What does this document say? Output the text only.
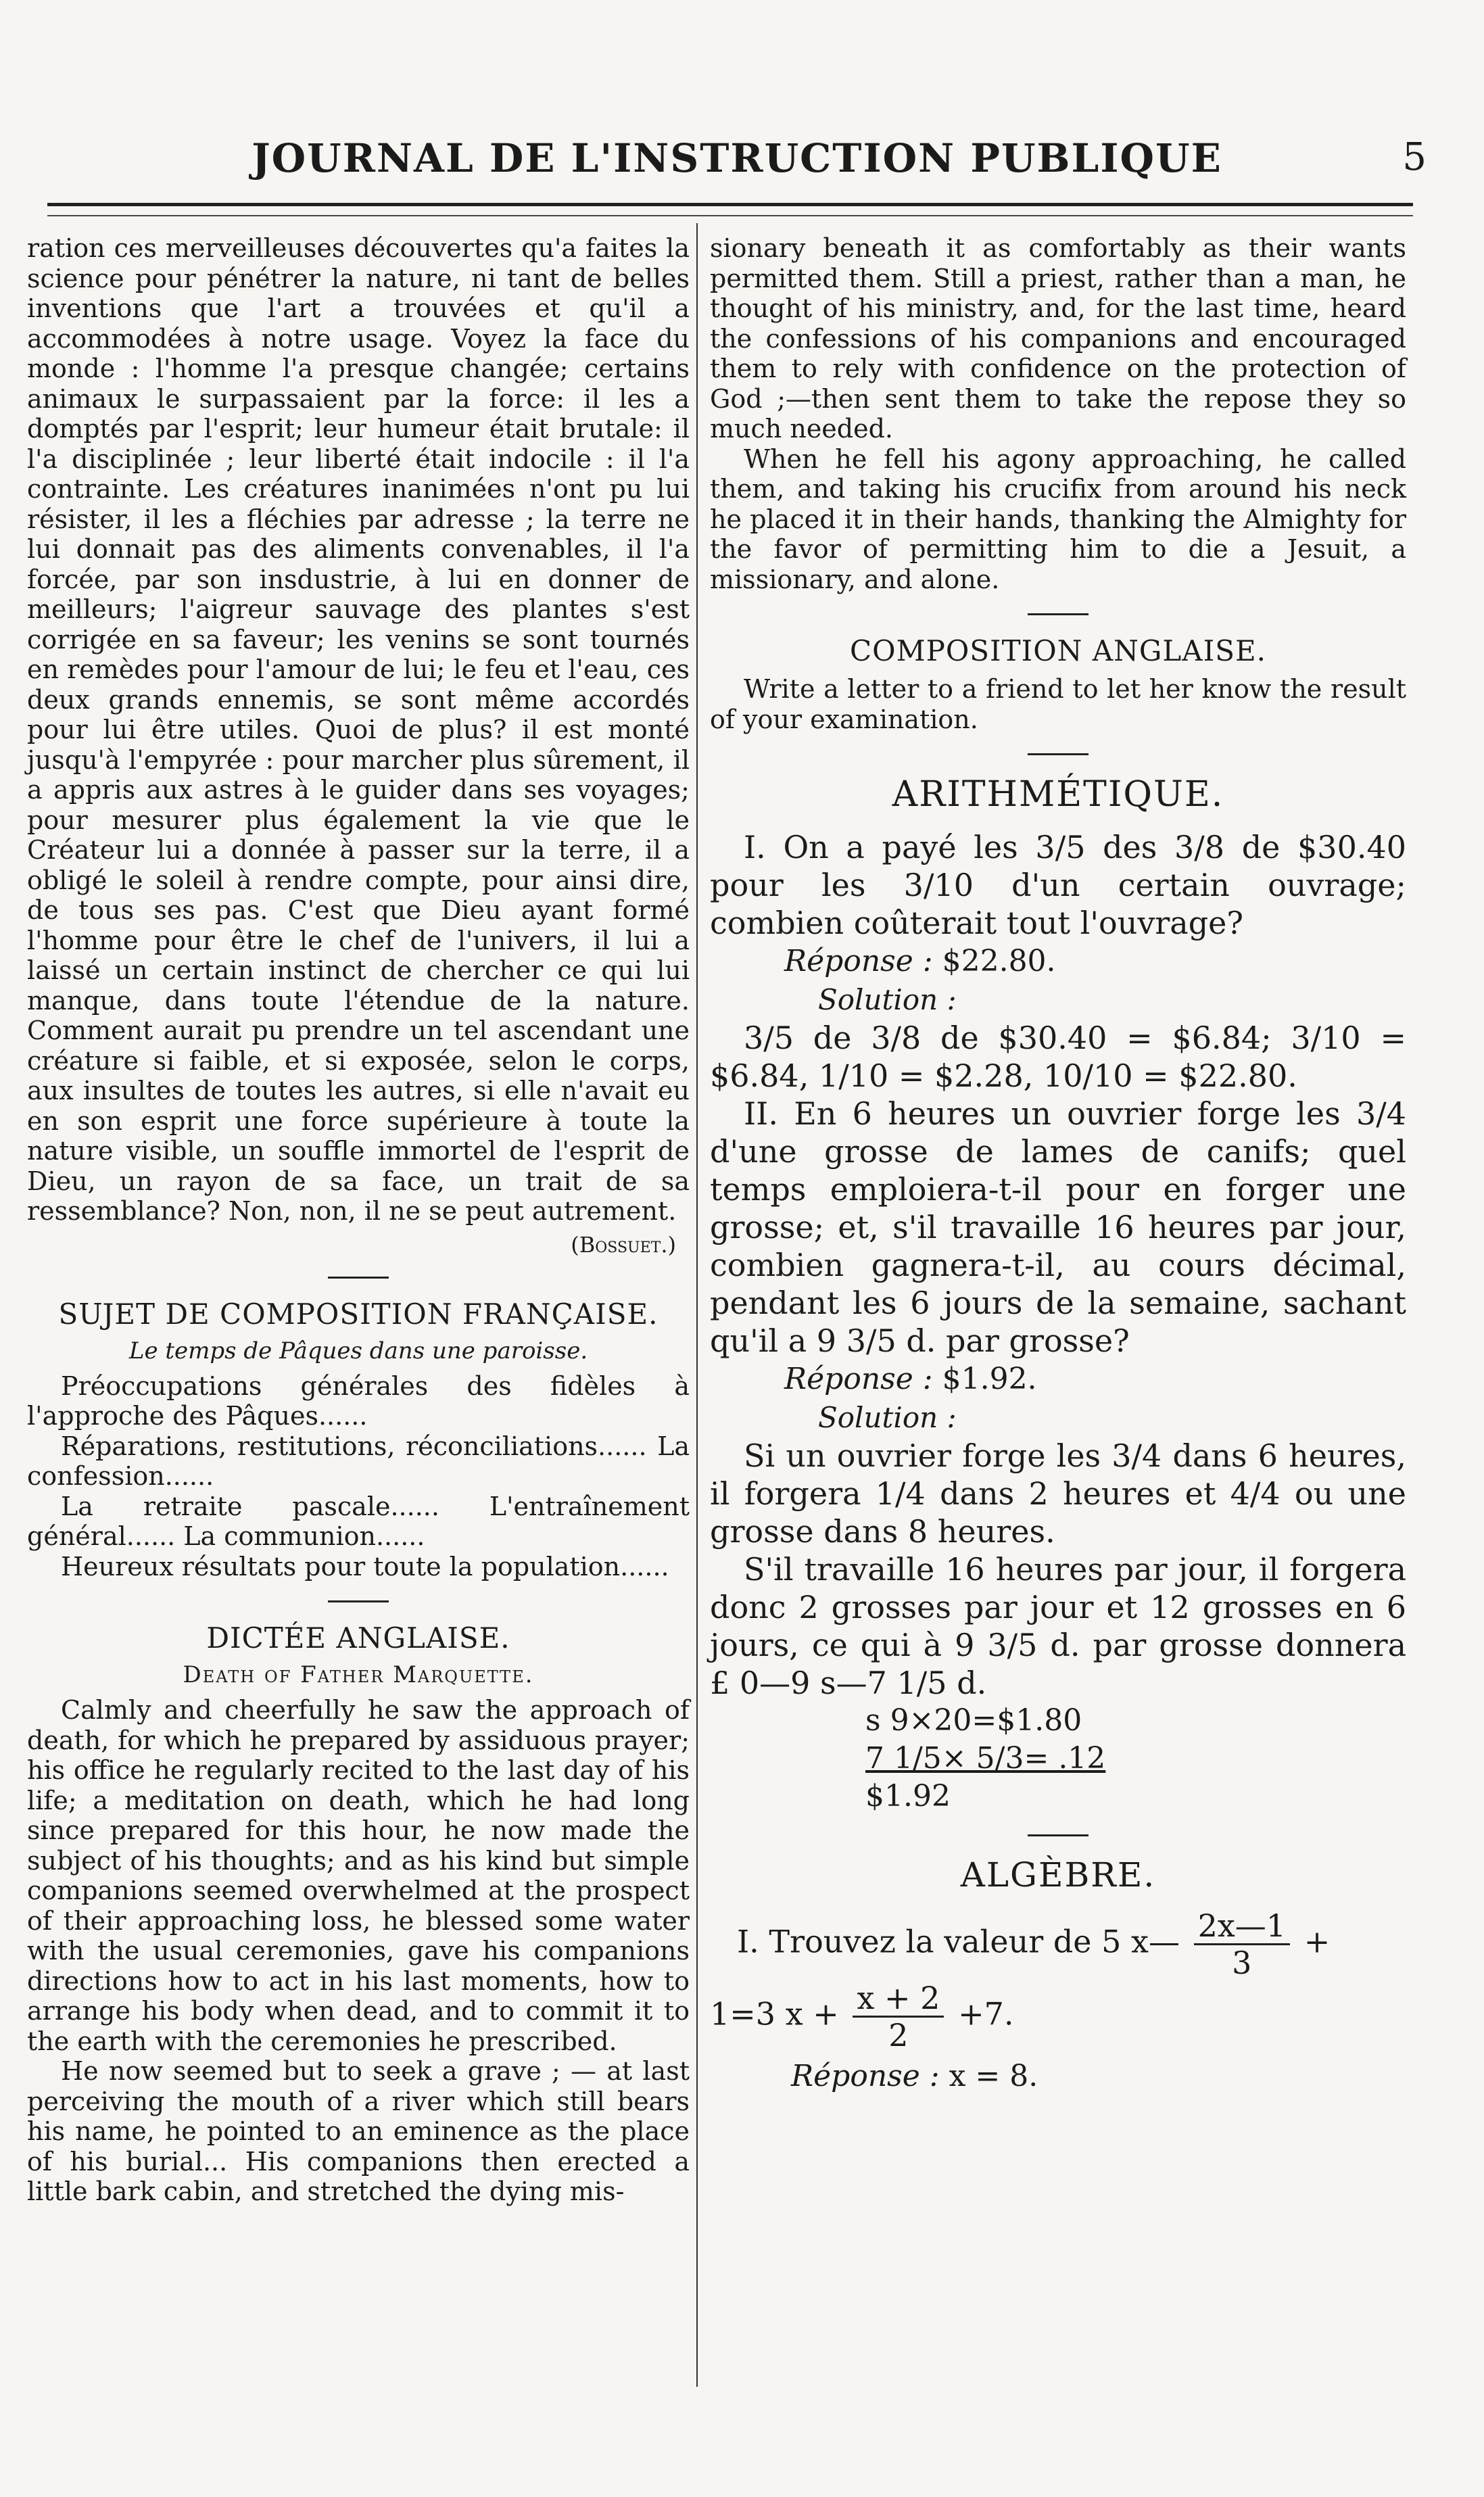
JOURNAL DE L'INSTRUCTION PUBLIQUE	5

ration ces merveilleuses découvertes qu'a faites la science pour pénétrer la nature, ni tant de belles inventions que l'art a trouvées et qu'il a accommodées à notre usage. Voyez la face du monde : l'homme l'a presque changée; certains animaux le surpassaient par la force: il les a domptés par l'esprit; leur humeur était brutale: il l'a disciplinée ; leur liberté était indocile : il l'a contrainte. Les créatures inanimées n'ont pu lui résister, il les a fléchies par adresse ; la terre ne lui donnait pas des aliments convenables, il l'a forcée, par son insdustrie, à lui en donner de meilleurs; l'aigreur sauvage des plantes s'est corrigée en sa faveur; les venins se sont tournés en remèdes pour l'amour de lui; le feu et l'eau, ces deux grands ennemis, se sont même accordés pour lui être utiles. Quoi de plus? il est monté jusqu'à l'empyrée : pour marcher plus sûrement, il a appris aux astres à le guider dans ses voyages; pour mesurer plus également la vie que le Créateur lui a donnée à passer sur la terre, il a obligé le soleil à rendre compte, pour ainsi dire, de tous ses pas. C'est que Dieu ayant formé l'homme pour être le chef de l'univers, il lui a laissé un certain instinct de chercher ce qui lui manque, dans toute l'étendue de la nature. Comment aurait pu prendre un tel ascendant une créature si faible, et si exposée, selon le corps, aux insultes de toutes les autres, si elle n'avait eu en son esprit une force supérieure à toute la nature visible, un souffle immortel de l'esprit de Dieu, un rayon de sa face, un trait de sa ressemblance? Non, non, il ne se peut autrement.

(Bossuet.)
SUJET DE COMPOSITION FRANÇAISE.
Le temps de Pâques dans une paroisse.

Préoccupations générales des fidèles à l'approche des Pâques......

Réparations, restitutions, réconciliations...... La confession......

La retraite pascale...... L'entraînement général...... La communion......

Heureux résultats pour toute la population......

DICTÉE ANGLAISE.
Death of Father Marquette.

Calmly and cheerfully he saw the approach of death, for which he prepared by assiduous prayer; his office he regularly recited to the last day of his life; a meditation on death, which he had long since prepared for this hour, he now made the subject of his thoughts; and as his kind but simple companions seemed overwhelmed at the prospect of their approaching loss, he blessed some water with the usual ceremonies, gave his companions directions how to act in his last moments, how to arrange his body when dead, and to commit it to the earth with the ceremonies he prescribed.

He now seemed but to seek a grave ; — at last perceiving the mouth of a river which still bears his name, he pointed to an eminence as the place of his burial... His companions then erected a little bark cabin, and stretched the dying mis-

sionary beneath it as comfortably as their wants permitted them. Still a priest, rather than a man, he thought of his ministry, and, for the last time, heard the confessions of his companions and encouraged them to rely with confidence on the protection of God ;—then sent them to take the repose they so much needed.

When he fell his agony approaching, he called them, and taking his crucifix from around his neck he placed it in their hands, thanking the Almighty for the favor of permitting him to die a Jesuit, a missionary, and alone.

COMPOSITION ANGLAISE.

Write a letter to a friend to let her know the result of your examination.

ARITHMÉTIQUE.

I. On a payé les 3/5 des 3/8 de $30.40 pour les 3/10 d'un certain ouvrage; combien coûterait tout l'ouvrage?

Réponse : $22.80.
Solution :

3/5 de 3/8 de $30.40 = $6.84; 3/10 = $6.84, 1/10 = $2.28, 10/10 = $22.80.

II. En 6 heures un ouvrier forge les 3/4 d'une grosse de lames de canifs; quel temps emploiera-t-il pour en forger une grosse; et, s'il travaille 16 heures par jour, combien gagnera-t-il, au cours décimal, pendant les 6 jours de la semaine, sachant qu'il a 9 3/5 d. par grosse?

Réponse : $1.92.
Solution :

Si un ouvrier forge les 3/4 dans 6 heures, il forgera 1/4 dans 2 heures et 4/4 ou une grosse dans 8 heures.

S'il travaille 16 heures par jour, il forgera donc 2 grosses par jour et 12 grosses en 6 jours, ce qui à 9 3/5 d. par grosse donnera £ 0—9 s—7 1/5 d.

s 9×20=$1.80
7 1/5× 5/3= .12
$1.92
ALGÈBRE.
I. Trouvez la valeur de 5 x— $\frac{2x—1}{3}$ +
1=3 $x + \frac{x + 2}{2} +7$.
Réponse : x = 8.
